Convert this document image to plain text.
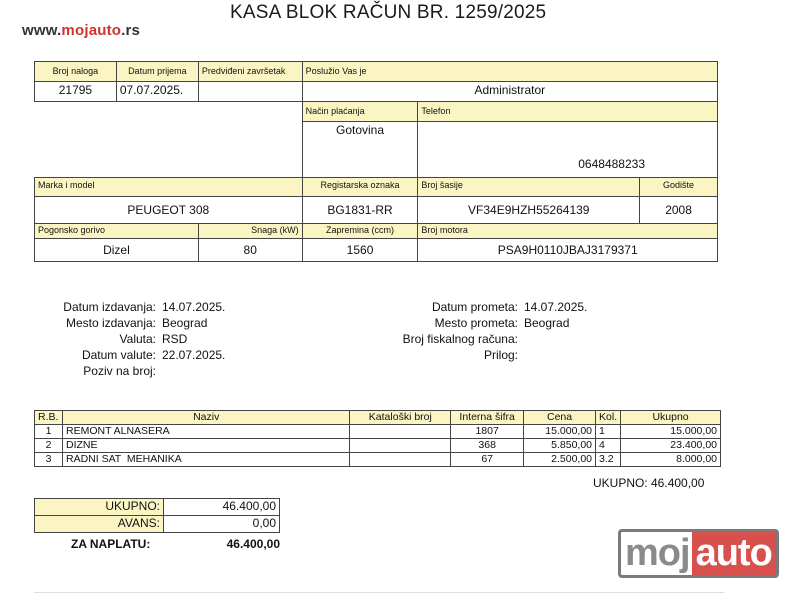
www.mojauto.rs
KASA BLOK RAČUN BR. 1259/2025
Broj naloga	Datum prijema	Predviđeni završetak	Poslužio Vas je		
21795	07.07.2025.		Administrator		
			Način plaćanja	Telefon	
			Gotovina	0648488233	
Marka i model			Registarska oznaka	Broj šasije	Godište
PEUGEOT 308			BG1831-RR	VF34E9HZH55264139	2008
Pogonsko gorivo		Snaga (kW)	Zapremina (ccm)	Broj motora	
Dizel		80	1560	PSA9H0110JBAJ3179371	
Datum izdavanja: 14.07.2025.
Mesto izdavanja: Beograd
Valuta: RSD
Datum valute: 22.07.2025.
Poziv na broj:
Datum prometa: 14.07.2025.
Mesto prometa: Beograd
Broj fiskalnog računa:
Prilog:
R.B.	Naziv	Kataloški broj	Interna šifra	Cena	Kol.	Ukupno
1	REMONT ALNASERA		1807	15.000,00	1	15.000,00
2	DIZNE		368	5.850,00	4	23.400,00
3	RADNI SAT  MEHANIKA		67	2.500,00	3.2	8.000,00
UKUPNO: 46.400,00
UKUPNO:	46.400,00
AVANS:	0,00
ZA NAPLATU:	46.400,00	moj auto
